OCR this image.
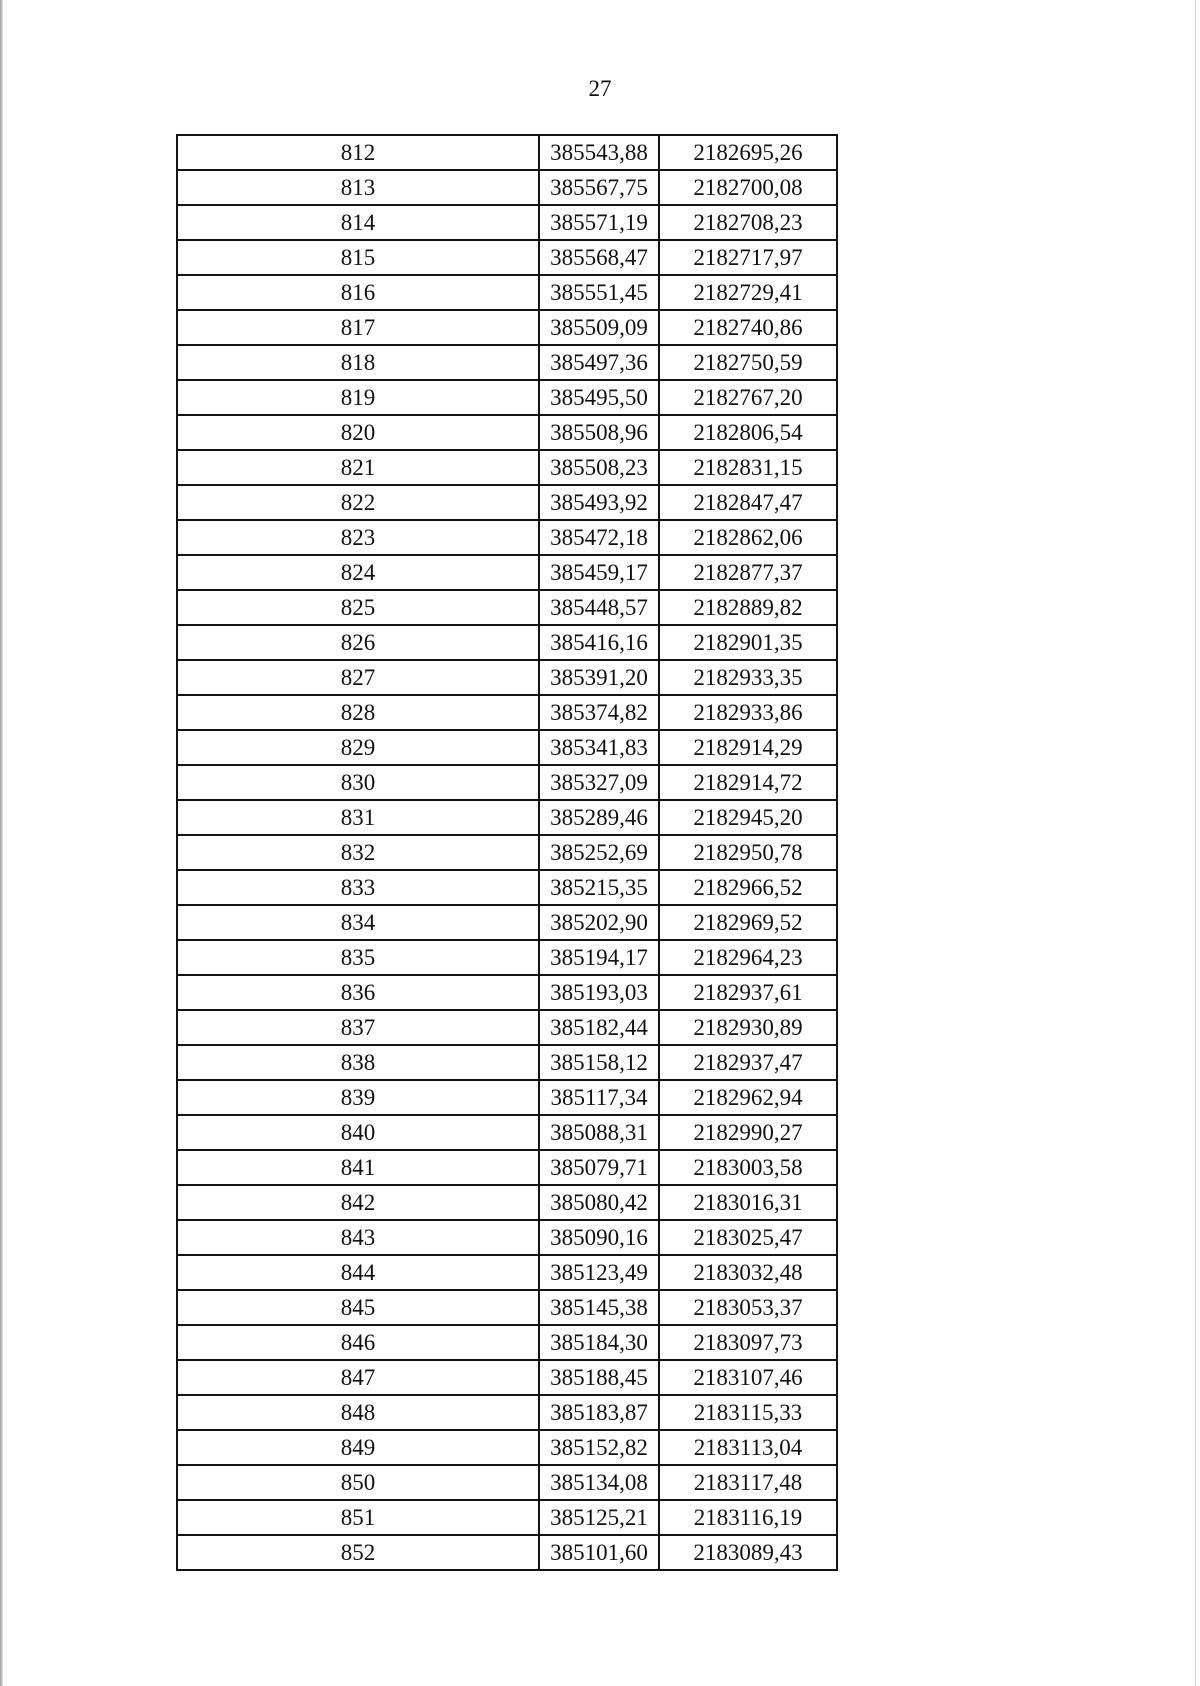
27
812	385543,88	2182695,26
813	385567,75	2182700,08
814	385571,19	2182708,23
815	385568,47	2182717,97
816	385551,45	2182729,41
817	385509,09	2182740,86
818	385497,36	2182750,59
819	385495,50	2182767,20
820	385508,96	2182806,54
821	385508,23	2182831,15
822	385493,92	2182847,47
823	385472,18	2182862,06
824	385459,17	2182877,37
825	385448,57	2182889,82
826	385416,16	2182901,35
827	385391,20	2182933,35
828	385374,82	2182933,86
829	385341,83	2182914,29
830	385327,09	2182914,72
831	385289,46	2182945,20
832	385252,69	2182950,78
833	385215,35	2182966,52
834	385202,90	2182969,52
835	385194,17	2182964,23
836	385193,03	2182937,61
837	385182,44	2182930,89
838	385158,12	2182937,47
839	385117,34	2182962,94
840	385088,31	2182990,27
841	385079,71	2183003,58
842	385080,42	2183016,31
843	385090,16	2183025,47
844	385123,49	2183032,48
845	385145,38	2183053,37
846	385184,30	2183097,73
847	385188,45	2183107,46
848	385183,87	2183115,33
849	385152,82	2183113,04
850	385134,08	2183117,48
851	385125,21	2183116,19
852	385101,60	2183089,43
